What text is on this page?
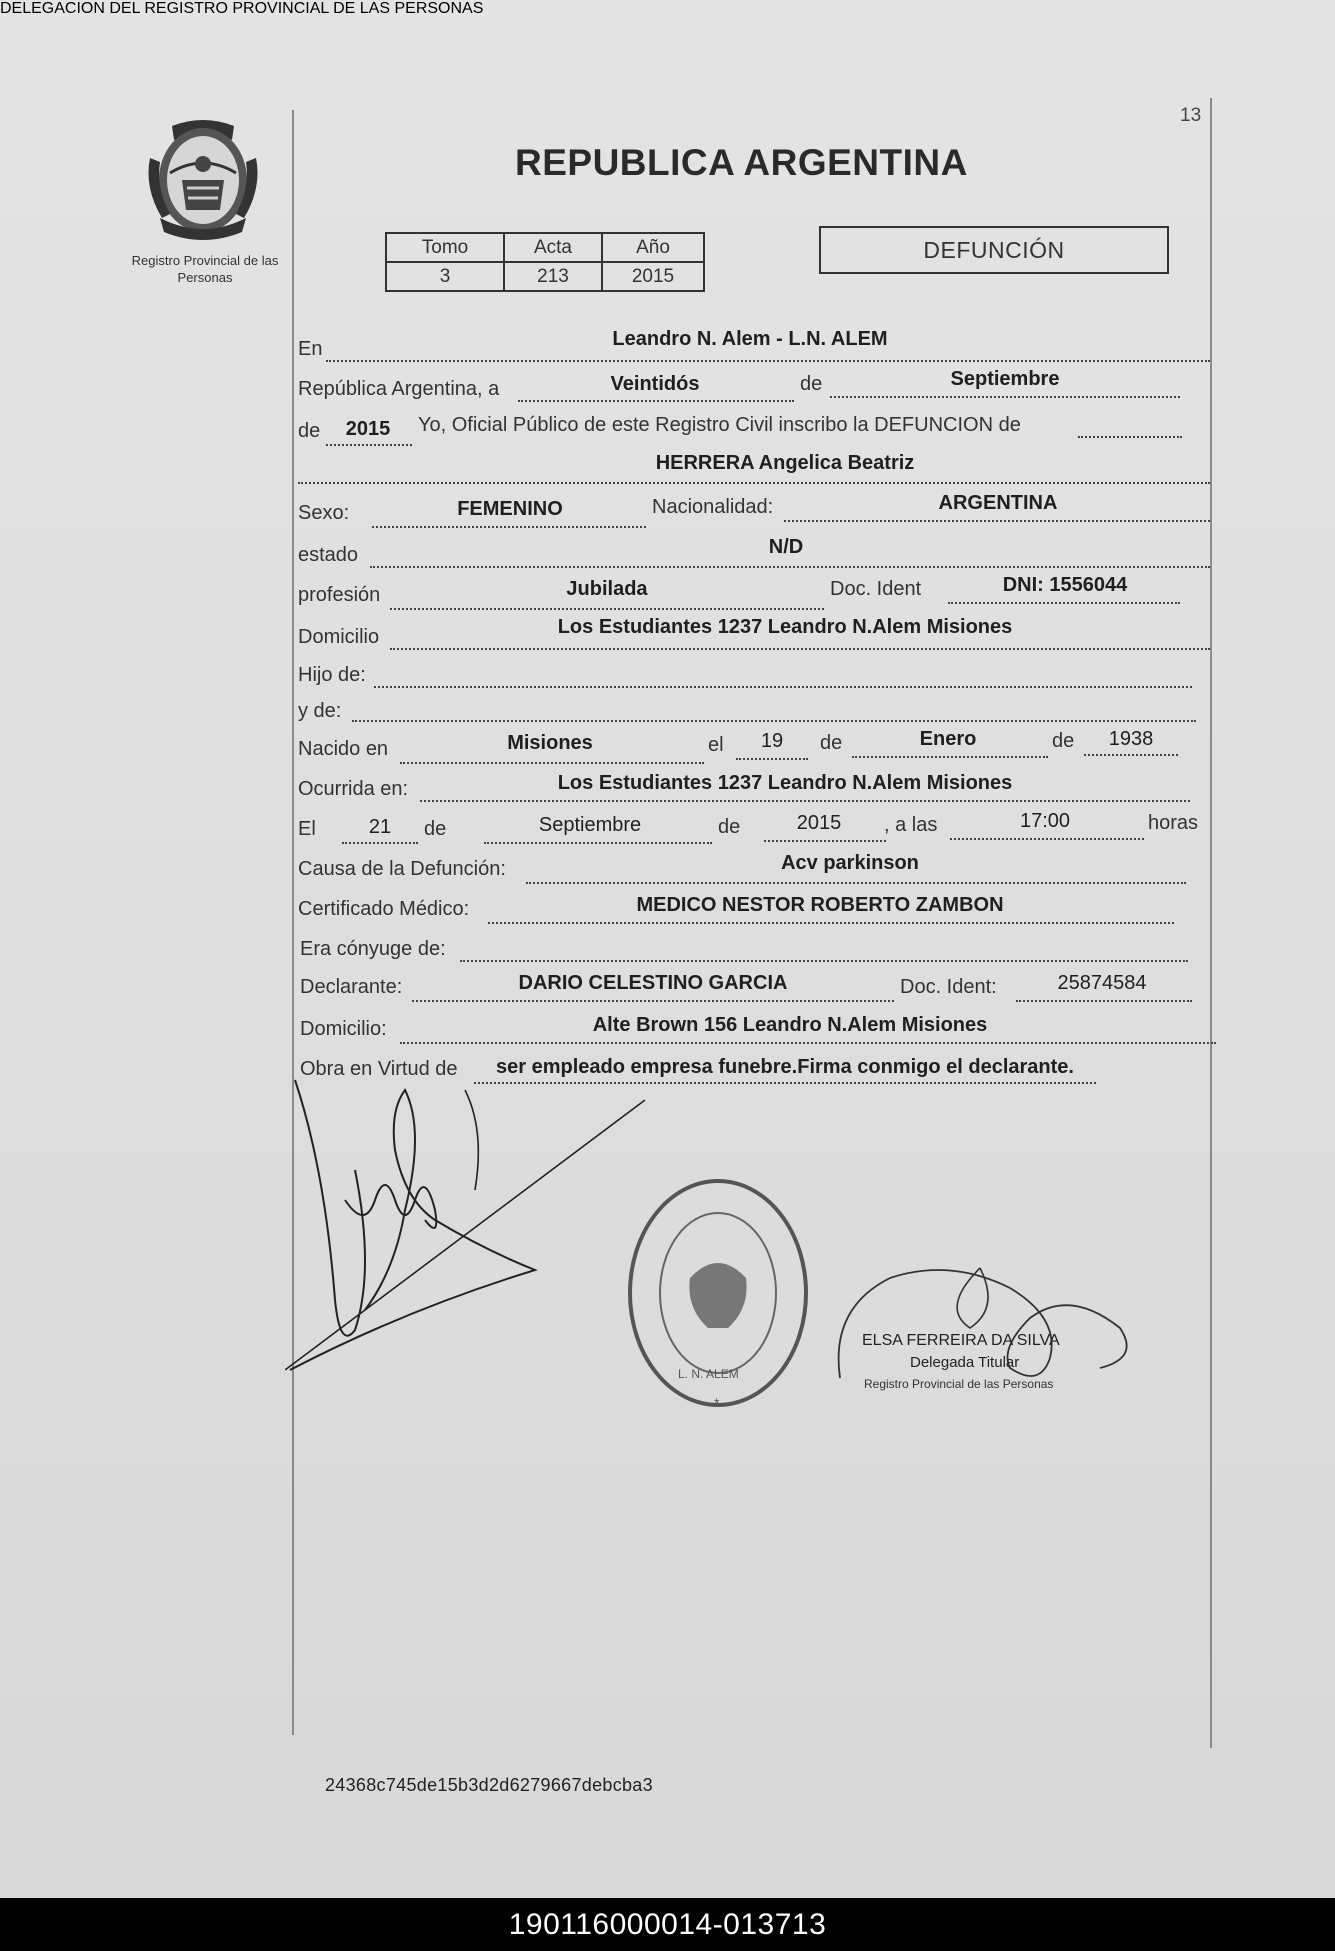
13
Registro Provincial de las Personas
REPUBLICA ARGENTINA
Tomo	Acta	Año
3	213	2015
DEFUNCIÓN
En	Leandro N. Alem - L.N. ALEM
República Argentina, a	Veintidós	de	Septiembre
de	2015	Yo, Oficial Público de este Registro Civil inscribo la DEFUNCION de
HERRERA Angelica Beatriz
Sexo:	FEMENINO	Nacionalidad:	ARGENTINA
estado	N/D
profesión	Jubilada	Doc. Ident	DNI: 1556044
Domicilio	Los Estudiantes 1237 Leandro N.Alem Misiones
Hijo de:
y de:
Nacido en	Misiones	el	19	de	Enero	de	1938
Ocurrida en:	Los Estudiantes 1237 Leandro N.Alem Misiones
El	21	de	Septiembre	de	2015	, a las	17:00	horas
Causa de la Defunción:	Acv parkinson
Certificado Médico:	MEDICO NESTOR ROBERTO ZAMBON
Era cónyuge de:
Declarante:	DARIO CELESTINO GARCIA	Doc. Ident:	25874584
Domicilio:	Alte Brown 156 Leandro N.Alem Misiones
Obra en Virtud de	ser empleado empresa funebre.Firma conmigo el declarante.
L. N. ALEM
*
DELEGACION DEL REGISTRO PROVINCIAL DE LAS PERSONAS
ELSA FERREIRA DA SILVA
Delegada Titular
Registro Provincial de las Personas
24368c745de15b3d2d6279667debcba3
190116000014-013713
